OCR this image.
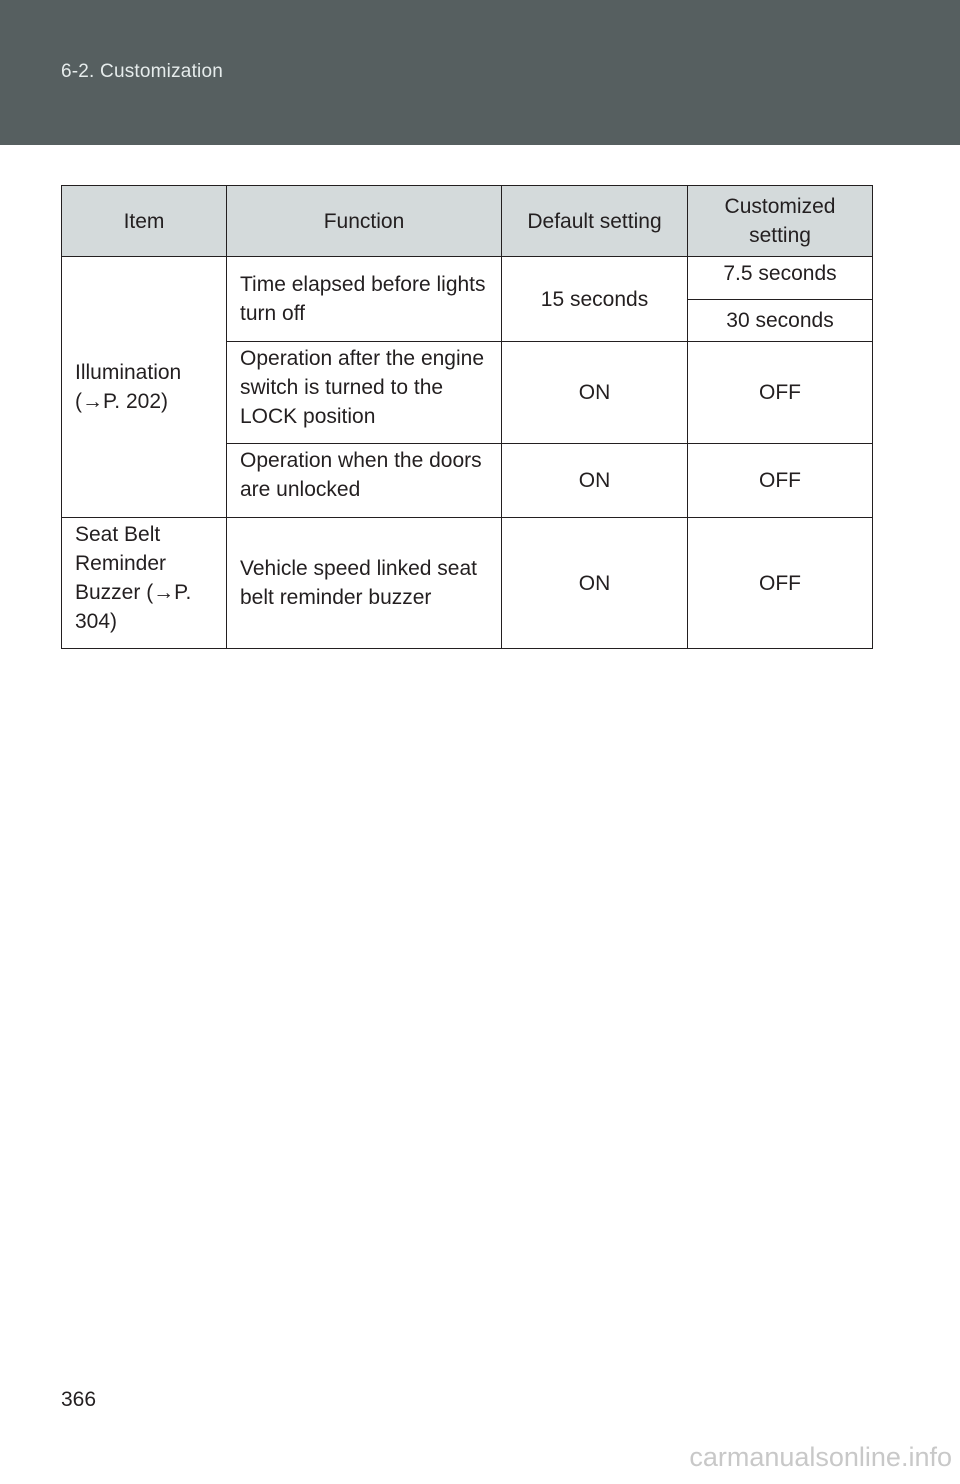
6-2. Customization
Item	Function	Default setting	Customized setting
Illumination (→P. 202)	Time elapsed before lights turn off	15 seconds	7.5 seconds
			30 seconds
	Operation after the engine switch is turned to the LOCK position	ON	OFF
	Operation when the doors are unlocked	ON	OFF
Seat Belt Reminder Buzzer (→P. 304)	Vehicle speed linked seat belt reminder buzzer	ON	OFF
366
carmanualsonline.info
